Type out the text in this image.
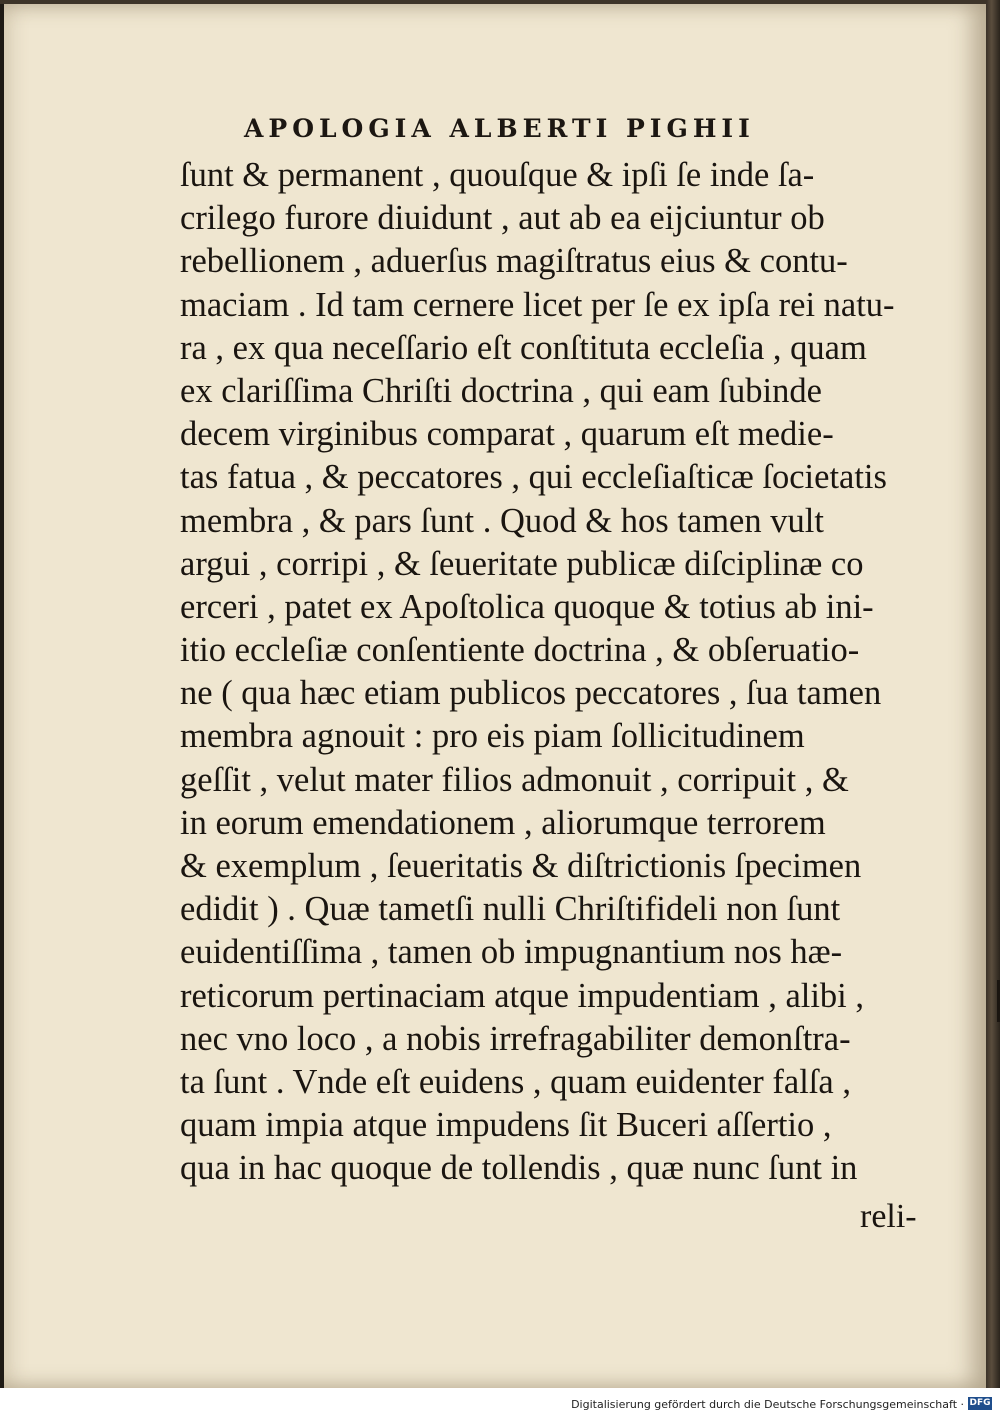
APOLOGIA ALBERTI PIGHII
ſunt & permanent , quouſque & ipſi ſe inde ſa-
crilego furore diuidunt , aut ab ea eijciuntur ob
rebellionem , aduerſus magiſtratus eius & contu-
maciam . Id tam cernere licet per ſe ex ipſa rei natu-
ra , ex qua neceſſario eſt conſtituta eccleſia , quam
ex clariſſima Chriſti doctrina , qui eam ſubinde
decem virginibus comparat , quarum eſt medie-
tas fatua , & peccatores , qui eccleſiaſticæ ſocietatis
membra , & pars ſunt . Quod & hos tamen vult
argui , corripi , & ſeueritate publicæ diſciplinæ co
erceri , patet ex Apoſtolica quoque & totius ab ini-
itio eccleſiæ conſentiente doctrina , & obſeruatio-
ne ( qua hæc etiam publicos peccatores , ſua tamen
membra agnouit : pro eis piam ſollicitudinem
geſſit , velut mater filios admonuit , corripuit , &
in eorum emendationem , aliorumque terrorem
& exemplum , ſeueritatis & diſtrictionis ſpecimen
edidit ) . Quæ tametſi nulli Chriſtifideli non ſunt
euidentiſſima , tamen ob impugnantium nos hæ-
reticorum pertinaciam atque impudentiam , alibi ,
nec vno loco , a nobis irrefragabiliter demonſtra-
ta ſunt . Vnde eſt euidens , quam euidenter falſa ,
quam impia atque impudens ſit Buceri aſſertio ,
qua in hac quoque de tollendis , quæ nunc ſunt in
reli-
Digitalisierung gefördert durch die Deutsche Forschungsgemeinschaft · DFG
